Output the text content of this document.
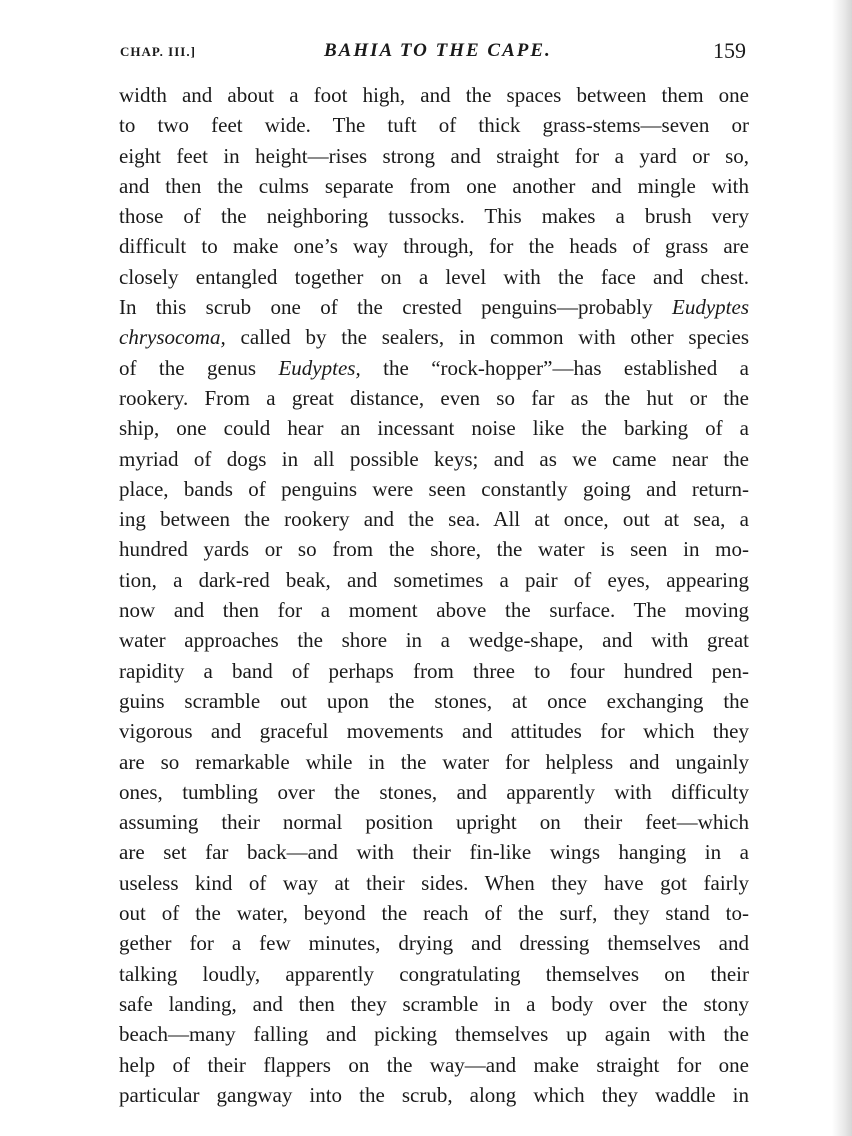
CHAP. III.]	BAHIA TO THE CAPE.	159
width and about a foot high, and the spaces between them one
to two feet wide. The tuft of thick grass-stems—seven or
eight feet in height—rises strong and straight for a yard or so,
and then the culms separate from one another and mingle with
those of the neighboring tussocks. This makes a brush very
difficult to make one’s way through, for the heads of grass are
closely entangled together on a level with the face and chest.
In this scrub one of the crested penguins—probably Eudyptes
chrysocoma, called by the sealers, in common with other species
of the genus Eudyptes, the “rock-hopper”—has established a
rookery. From a great distance, even so far as the hut or the
ship, one could hear an incessant noise like the barking of a
myriad of dogs in all possible keys; and as we came near the
place, bands of penguins were seen constantly going and return-
ing between the rookery and the sea. All at once, out at sea, a
hundred yards or so from the shore, the water is seen in mo-
tion, a dark-red beak, and sometimes a pair of eyes, appearing
now and then for a moment above the surface. The moving
water approaches the shore in a wedge-shape, and with great
rapidity a band of perhaps from three to four hundred pen-
guins scramble out upon the stones, at once exchanging the
vigorous and graceful movements and attitudes for which they
are so remarkable while in the water for helpless and ungainly
ones, tumbling over the stones, and apparently with difficulty
assuming their normal position upright on their feet—which
are set far back—and with their fin-like wings hanging in a
useless kind of way at their sides. When they have got fairly
out of the water, beyond the reach of the surf, they stand to-
gether for a few minutes, drying and dressing themselves and
talking loudly, apparently congratulating themselves on their
safe landing, and then they scramble in a body over the stony
beach—many falling and picking themselves up again with the
help of their flappers on the way—and make straight for one
particular gangway into the scrub, along which they waddle in
